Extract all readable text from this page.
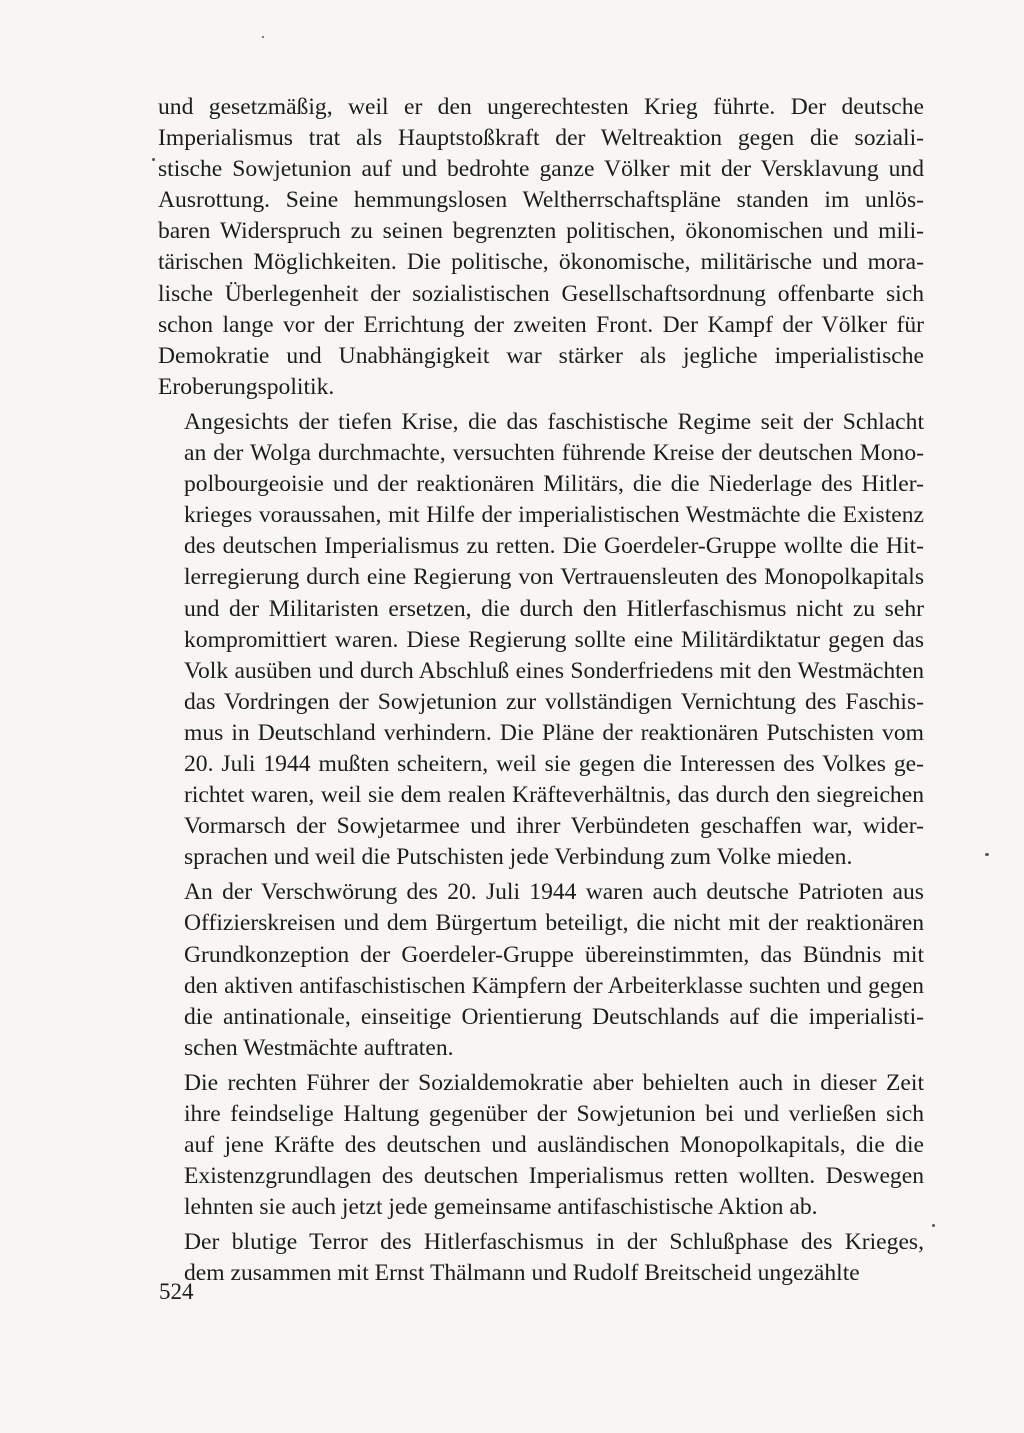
und gesetzmäßig, weil er den ungerechtesten Krieg führte. Der deutsche
Imperialismus trat als Hauptstoßkraft der Weltreaktion gegen die soziali-
stische Sowjetunion auf und bedrohte ganze Völker mit der Versklavung und
Ausrottung. Seine hemmungslosen Weltherrschaftspläne standen im unlös-
baren Widerspruch zu seinen begrenzten politischen, ökonomischen und mili-
tärischen Möglichkeiten. Die politische, ökonomische, militärische und mora-
lische Überlegenheit der sozialistischen Gesellschaftsordnung offenbarte sich
schon lange vor der Errichtung der zweiten Front. Der Kampf der Völker für
Demokratie und Unabhängigkeit war stärker als jegliche imperialistische
Eroberungspolitik.

Angesichts der tiefen Krise, die das faschistische Regime seit der Schlacht
an der Wolga durchmachte, versuchten führende Kreise der deutschen Mono-
polbourgeoisie und der reaktionären Militärs, die die Niederlage des Hitler-
krieges voraussahen, mit Hilfe der imperialistischen Westmächte die Existenz
des deutschen Imperialismus zu retten. Die Goerdeler-Gruppe wollte die Hit-
lerregierung durch eine Regierung von Vertrauensleuten des Monopolkapitals
und der Militaristen ersetzen, die durch den Hitlerfaschismus nicht zu sehr
kompromittiert waren. Diese Regierung sollte eine Militärdiktatur gegen das
Volk ausüben und durch Abschluß eines Sonderfriedens mit den Westmächten
das Vordringen der Sowjetunion zur vollständigen Vernichtung des Faschis-
mus in Deutschland verhindern. Die Pläne der reaktionären Putschisten vom
20. Juli 1944 mußten scheitern, weil sie gegen die Interessen des Volkes ge-
richtet waren, weil sie dem realen Kräfteverhältnis, das durch den siegreichen
Vormarsch der Sowjetarmee und ihrer Verbündeten geschaffen war, wider-
sprachen und weil die Putschisten jede Verbindung zum Volke mieden.

An der Verschwörung des 20. Juli 1944 waren auch deutsche Patrioten aus
Offizierskreisen und dem Bürgertum beteiligt, die nicht mit der reaktionären
Grundkonzeption der Goerdeler-Gruppe übereinstimmten, das Bündnis mit
den aktiven antifaschistischen Kämpfern der Arbeiterklasse suchten und gegen
die antinationale, einseitige Orientierung Deutschlands auf die imperialisti-
schen Westmächte auftraten.

Die rechten Führer der Sozialdemokratie aber behielten auch in dieser Zeit
ihre feindselige Haltung gegenüber der Sowjetunion bei und verließen sich
auf jene Kräfte des deutschen und ausländischen Monopolkapitals, die die
Existenzgrundlagen des deutschen Imperialismus retten wollten. Deswegen
lehnten sie auch jetzt jede gemeinsame antifaschistische Aktion ab.

Der blutige Terror des Hitlerfaschismus in der Schlußphase des Krieges,
dem zusammen mit Ernst Thälmann und Rudolf Breitscheid ungezählte

524
